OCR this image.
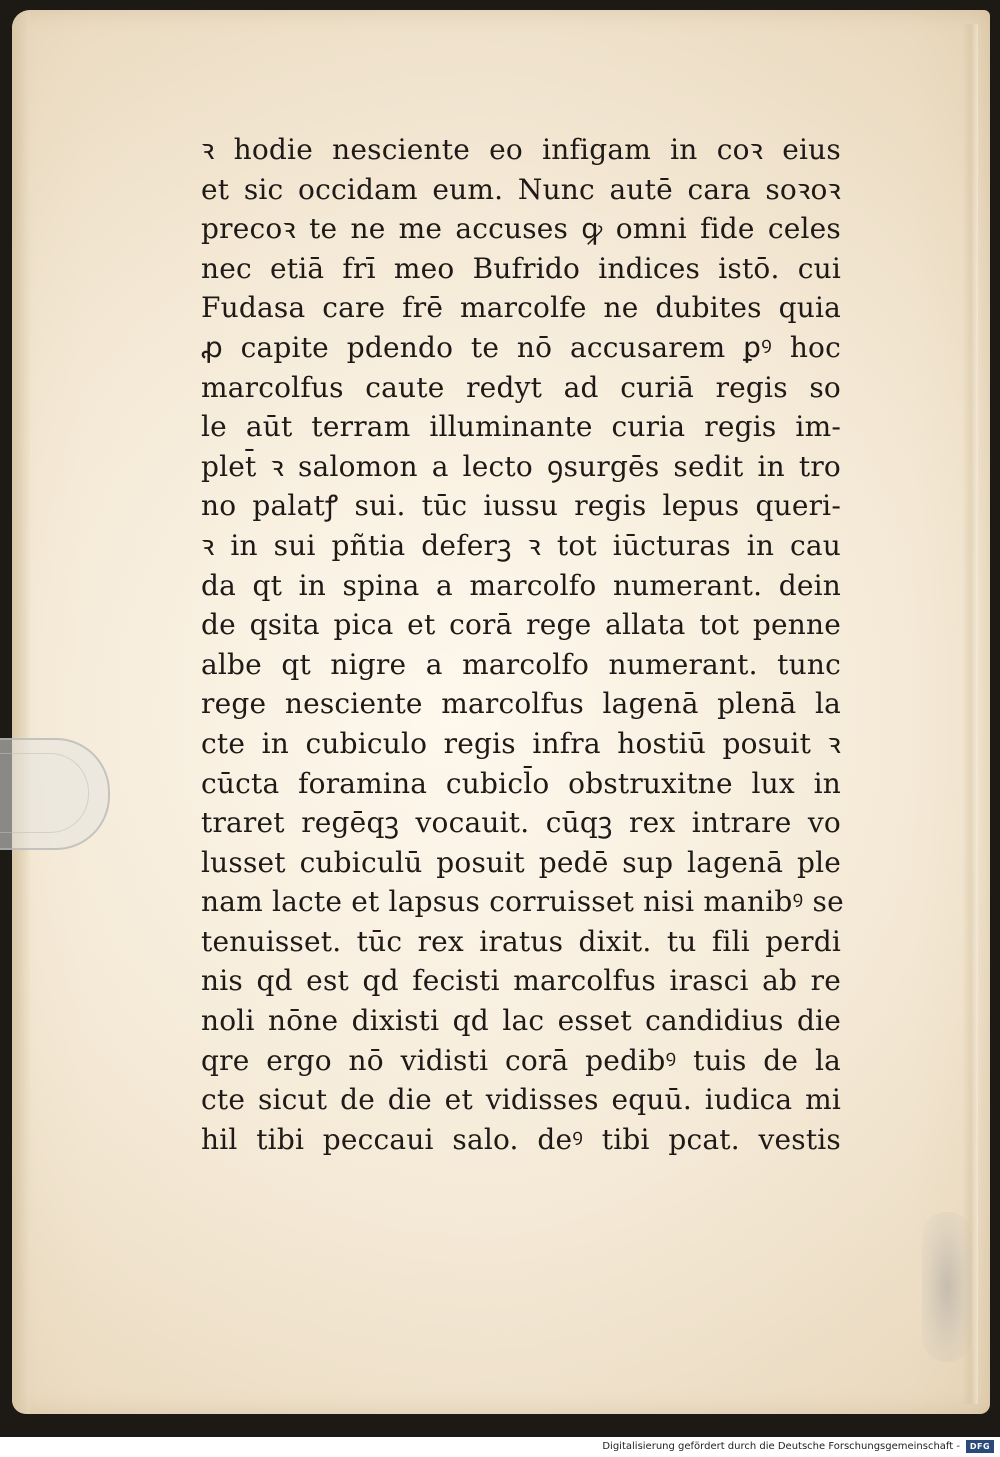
ꝛ hodie nesciente eo infigam in coꝛ eius
et sic occidam eum. Nunc autē cara soꝛoꝛ
precoꝛ te ne me accuses ꝙ omni fide celes
nec etiā frī meo Bufrido indices istō. cui
Fudasa care frē marcolfe ne dubites quia
ꝓ capite pdendo te nō accusarem ꝑꝰ hoc
marcolfus caute redyt ad curiā regis so
le aūt terram illuminante curia regis im-
plet̄ ꝛ salomon a lecto ꝯsurgēs sedit in tro
no palatꝭ sui. tūc iussu regis lepus queri-
ꝛ in sui pñtia deferꝫ ꝛ tot iūcturas in cau
da qt in spina a marcolfo numerant. dein
de qsita pica et corā rege allata tot penne
albe qt nigre a marcolfo numerant. tunc
rege nesciente marcolfus lagenā plenā la
cte in cubiculo regis infra hostiū posuit ꝛ
cūcta foramina cubicl̄o obstruxitne lux in
traret regēqꝫ vocauit. cūqꝫ rex intrare vo
lusset cubiculū posuit pedē sup lagenā ple
nam lacte et lapsus corruisset nisi manibꝰ se
tenuisset. tūc rex iratus dixit. tu fili perdi
nis qd est qd fecisti marcolfus irasci ab re
noli nōne dixisti qd lac esset candidius die
qre ergo nō vidisti corā pedibꝰ tuis de la
cte sicut de die et vidisses equū. iudica mi
hil tibi peccaui salo. deꝰ tibi pcat. vestis
Digitalisierung gefördert durch die Deutsche Forschungsgemeinschaft -	DFG
